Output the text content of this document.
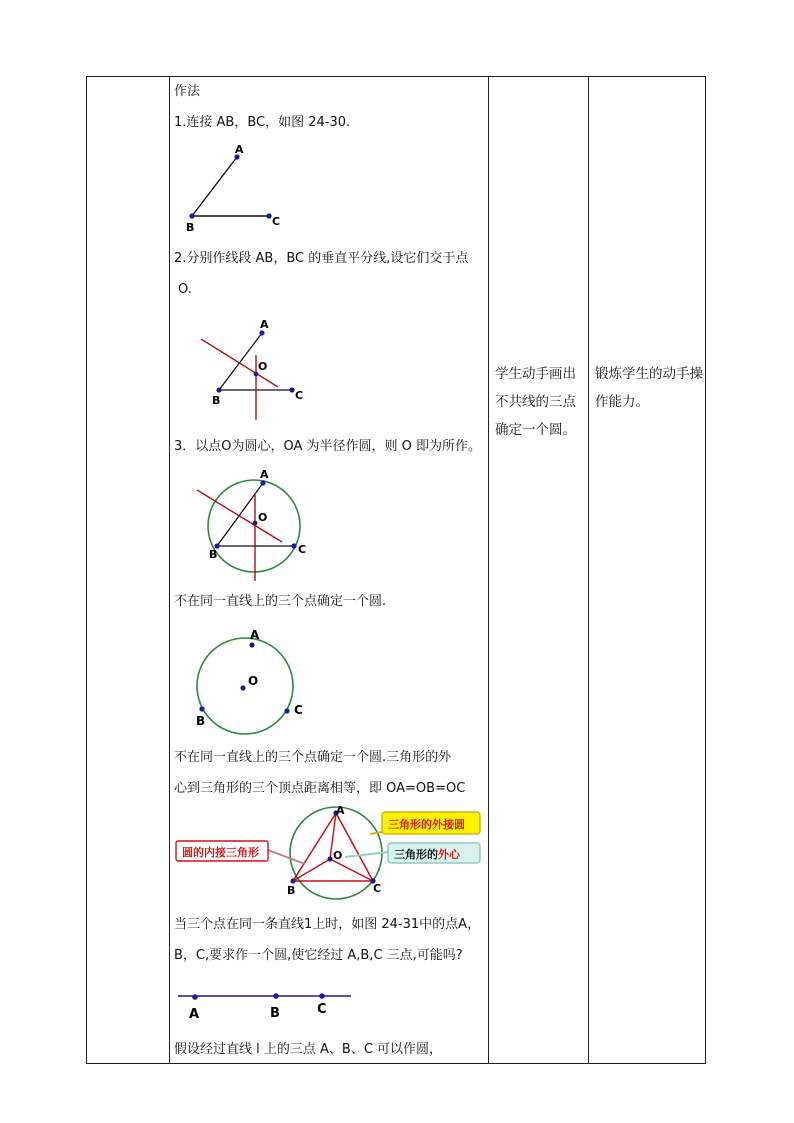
作法
1.连接 AB，BC，如图 24-30.
A
B	C
2.分别作线段 AB，BC 的垂直平分线,设它们交于点
O.
A
B	C
O
3．以点O为圆心，OA 为半径作圆，则 O 即为所作。
A
B	C
O
不在同一直线上的三个点确定一个圆.
A
B
C
O
不在同一直线上的三个点确定一个圆.三角形的外
心到三角形的三个顶点距离相等，即 OA=OB=OC
A
B	C
O
圆的内接三角形
三角形的外接圆
三角形的外心
当三个点在同一条直线1上时，如图 24-31中的点A，
B，C,要求作一个圆,使它经过 A,B,C 三点,可能吗?
A	B	C
假设经过直线 l 上的三点 A、B、C 可以作圆，
学生动手画出不共线的三点确定一个圆。
锻炼学生的动手操作能力。
